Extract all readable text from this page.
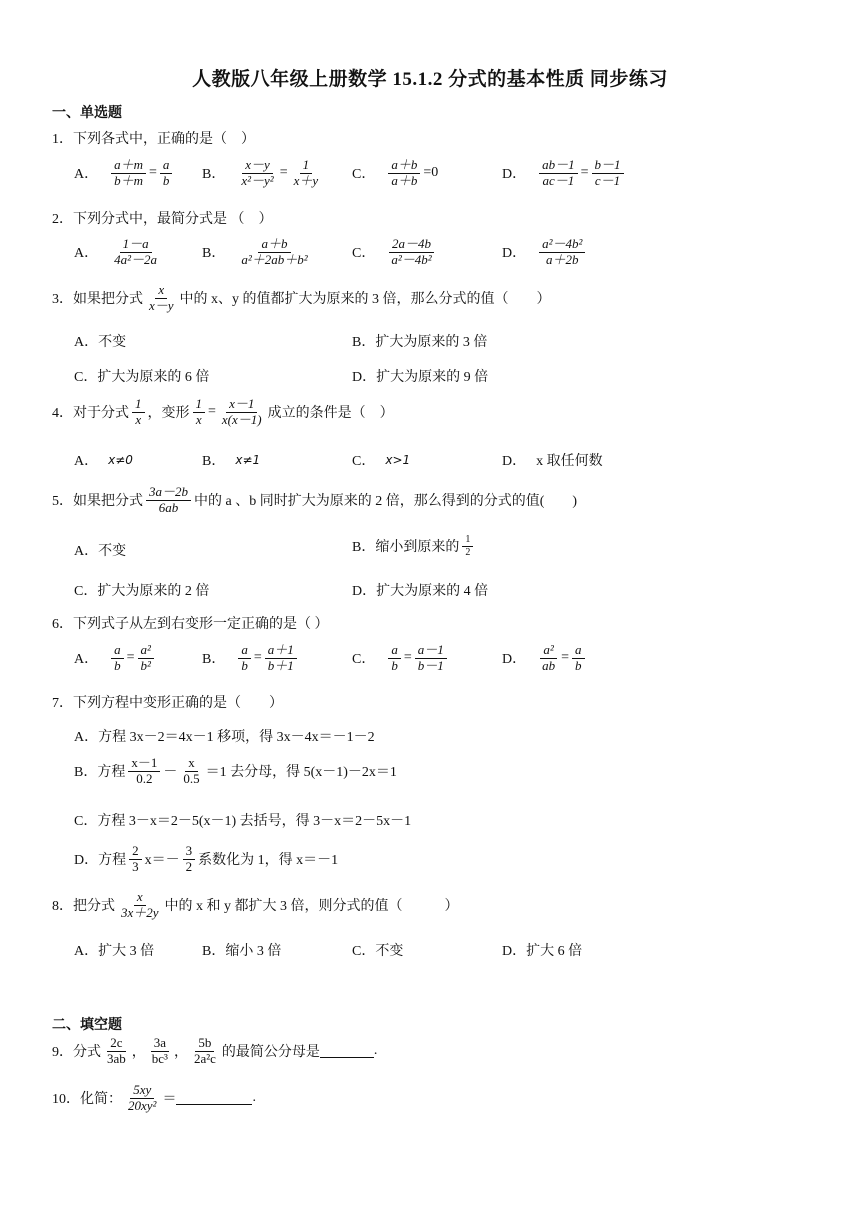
人教版八年级上册数学 15.1.2 分式的基本性质 同步练习
一、单选题
1．下列各式中，正确的是（　）
A． $\frac{a+m}{b+m} = \frac{a}{b}$ B． $\frac{x-y}{\text{x²－y²}} = \frac{1}{x+y}$ C． $\frac{a+b}{a+b} =0$	D． $\frac{ab-1}{ac-1} = \frac{b-1}{c-1}$
2．下列分式中，最简分式是 （　）
A． $\frac{1-a}{\text{4a²－2a}}$	B． $\frac{a+b}{\text{a²＋2ab＋b²}}$	C． $\frac{2a-4b}{\text{a²－4b²}}$	D． $\frac{\text{a²－4b²}}{a+2b}$
3．如果把分式 $\frac{x}{x-y}$ 中的 x、y 的值都扩大为原来的 3 倍，那么分式的值（　　）
A．不变	B．扩大为原来的 3 倍
C．扩大为原来的 6 倍	D．扩大为原来的 9 倍
4．对于分式 $\frac{1}{x}$ ，变形 $\frac{1}{x} = \frac{x-1}{x(x-1)}$ 成立的条件是（　）
A． x≠0	B． x≠1	C． x>1	D． x 取任何数
5．如果把分式 $\frac{3a-2b}{6ab}$ 中的 a 、b 同时扩大为原来的 2 倍，那么得到的分式的值(　　)
A．不变	B．缩小到原来的 $\frac{1}{2}$
C．扩大为原来的 2 倍	D．扩大为原来的 4 倍
6．下列式子从左到右变形一定正确的是（ ）
A． $\frac{a}{b} = \frac{\text{a²}}{\text{b²}}$	B． $\frac{a}{b} = \frac{a+1}{b+1}$	C． $\frac{a}{b} = \frac{a-1}{b-1}$	D． $\frac{\text{a²}}{ab} = \frac{a}{b}$
7．下列方程中变形正确的是（　　）
A．方程 3x－2＝4x－1 移项，得 3x－4x＝－1－2
B．方程 $\frac{x-1}{0.2} - \frac{x}{0.5} =1$ 去分母，得 5(x－1)－2x＝1
C．方程 3－x＝2－5(x－1) 去括号，得 3－x＝2－5x－1
D．方程 $\frac{2}{3} x=- \frac{3}{2}$ 系数化为 1，得 x＝－1
8．把分式 $\frac{x}{3x+2y}$ 中的 x 和 y 都扩大 3 倍，则分式的值（　　　）
A．扩大 3 倍	B．缩小 3 倍	C．不变	D．扩大 6 倍
二、填空题
9．分式 $\frac{2c}{3ab}$ ， $\frac{3a}{\text{bc³}}$ ， $\frac{5b}{\text{2a²c}}$ 的最简公分母是	.
10．化简： $\frac{5xy}{\text{20xy²}}$ ＝	.
